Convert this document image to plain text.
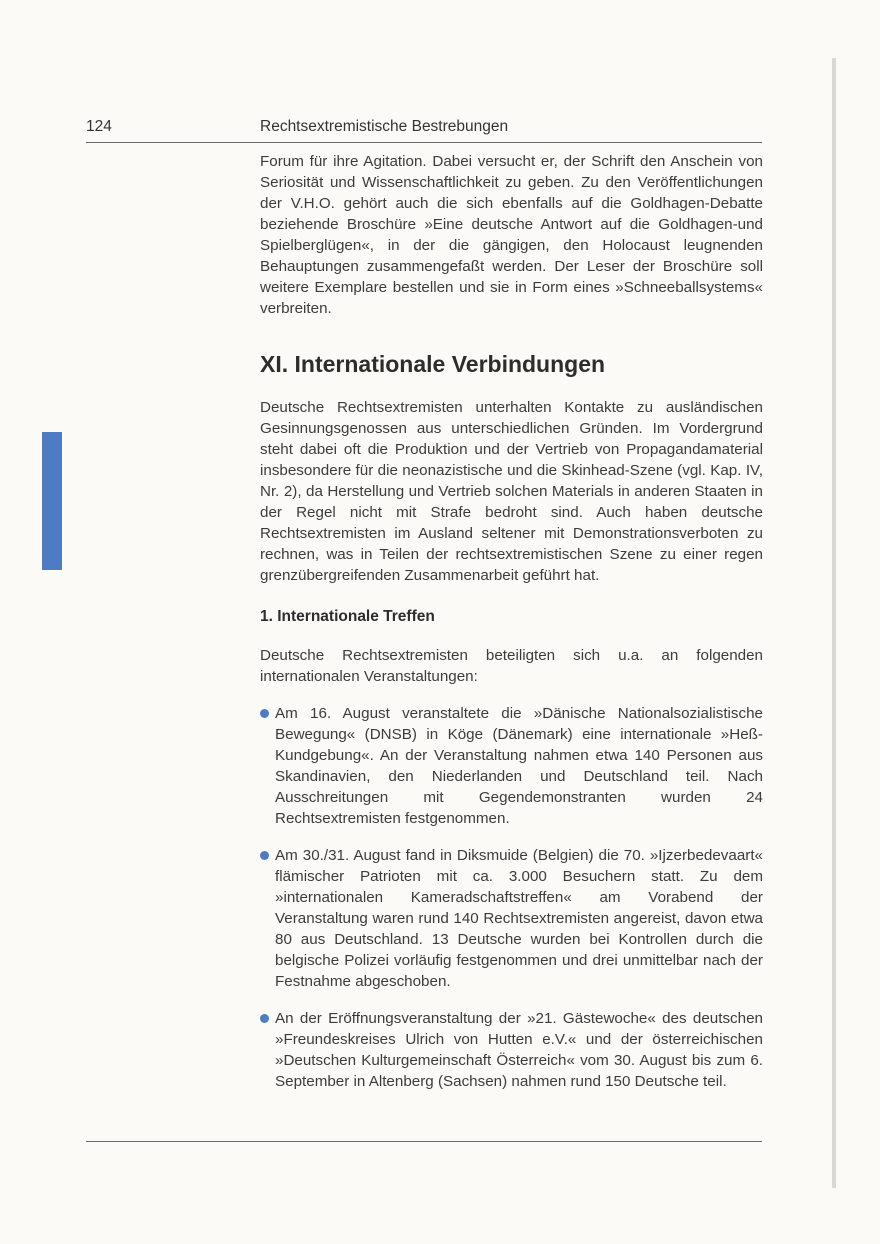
124	Rechtsextremistische Bestrebungen

Forum für ihre Agitation. Dabei versucht er, der Schrift den Anschein von Seriosität und Wissenschaftlichkeit zu geben. Zu den Veröffentlichungen der V.H.O. gehört auch die sich ebenfalls auf die Goldhagen-Debatte beziehende Broschüre »Eine deutsche Antwort auf die Goldhagen-und Spielberglügen«, in der die gängigen, den Holocaust leugnenden Behauptungen zusammengefaßt werden. Der Leser der Broschüre soll weitere Exemplare bestellen und sie in Form eines »Schneeballsystems« verbreiten.

XI. Internationale Verbindungen

Deutsche Rechtsextremisten unterhalten Kontakte zu ausländischen Gesinnungsgenossen aus unterschiedlichen Gründen. Im Vordergrund steht dabei oft die Produktion und der Vertrieb von Propagandamaterial insbesondere für die neonazistische und die Skinhead-Szene (vgl. Kap. IV, Nr. 2), da Herstellung und Vertrieb solchen Materials in anderen Staaten in der Regel nicht mit Strafe bedroht sind. Auch haben deutsche Rechtsextremisten im Ausland seltener mit Demonstrationsverboten zu rechnen, was in Teilen der rechtsextremistischen Szene zu einer regen grenzübergreifenden Zusammenarbeit geführt hat.

1. Internationale Treffen

Deutsche Rechtsextremisten beteiligten sich u.a. an folgenden internationalen Veranstaltungen:

Am 16. August veranstaltete die »Dänische Nationalsozialistische Bewegung« (DNSB) in Köge (Dänemark) eine internationale »Heß-Kundgebung«. An der Veranstaltung nahmen etwa 140 Personen aus Skandinavien, den Niederlanden und Deutschland teil. Nach Ausschreitungen mit Gegendemonstranten wurden 24 Rechtsextremisten festgenommen.
Am 30./31. August fand in Diksmuide (Belgien) die 70. »Ijzerbedevaart« flämischer Patrioten mit ca. 3.000 Besuchern statt. Zu dem »internationalen Kameradschaftstreffen« am Vorabend der Veranstaltung waren rund 140 Rechtsextremisten angereist, davon etwa 80 aus Deutschland. 13 Deutsche wurden bei Kontrollen durch die belgische Polizei vorläufig festgenommen und drei unmittelbar nach der Festnahme abgeschoben.
An der Eröffnungsveranstaltung der »21. Gästewoche« des deutschen »Freundeskreises Ulrich von Hutten e.V.« und der österreichischen »Deutschen Kulturgemeinschaft Österreich« vom 30. August bis zum 6. September in Altenberg (Sachsen) nahmen rund 150 Deutsche teil.
